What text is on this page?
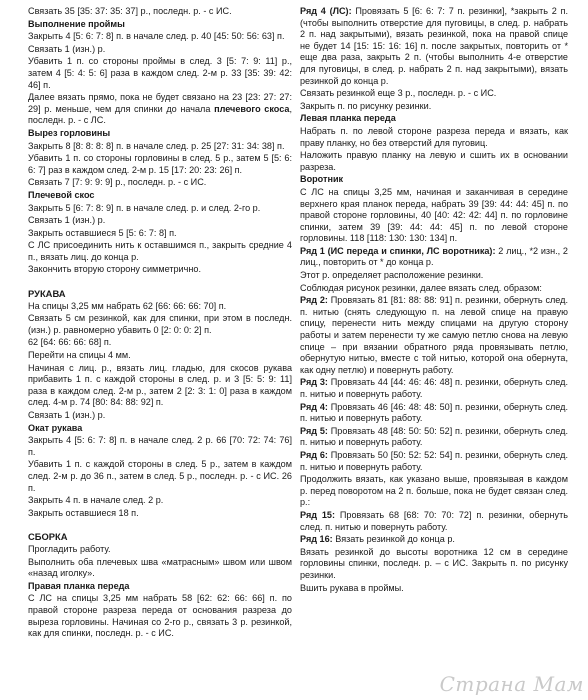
Связать 35 [35: 37: 35: 37] р., последн. р. - с ИС.

Выполнение проймы

Закрыть 4 [5: 6: 7: 8] п. в начале след. р. 40 [45: 50: 56: 63] п.

Связать 1 (изн.) р.

Убавить 1 п. со стороны проймы в след. 3 [5: 7: 9: 11] р., затем 4 [5: 4: 5: 6] раза в каждом след. 2-м р. 33 [35: 39: 42: 46] п.

Далее вязать прямо, пока не будет связано на 23 [23: 27: 27: 29] р. меньше, чем для спинки до начала плечевого скоса, последн. р. - с ЛС.

Вырез горловины

Закрыть 8 [8: 8: 8: 8] п. в начале след. р. 25 [27: 31: 34: 38] п.

Убавить 1 п. со стороны горловины в след. 5 р., затем 5 [5: 6: 6: 7] раз в каждом след. 2-м р. 15 [17: 20: 23: 26] п.

Связать 7 [7: 9: 9: 9] р., последн. р. - с ИС.

Плечевой скос

Закрыть 5 [6: 7: 8: 9] п. в начале след. р. и след. 2-го р.

Связать 1 (изн.) р.

Закрыть оставшиеся 5 [5: 6: 7: 8] п.

С ЛС присоединить нить к оставшимся п., закрыть средние 4 п., вязать лиц. до конца р.

Закончить вторую сторону симметрично.

РУКАВА

На спицы 3,25 мм набрать 62 [66: 66: 66: 70] п.

Связать 5 см резинкой, как для спинки, при этом в последн. (изн.) р. равномерно убавить 0 [2: 0: 0: 2] п.

62 [64: 66: 66: 68] п.

Перейти на спицы 4 мм.

Начиная с лиц. р., вязать лиц. гладью, для скосов рукава прибавить 1 п. с каждой стороны в след. р. и 3 [5: 5: 9: 11] раза в каждом след. 2-м р., затем 2 [2: 3: 1: 0] раза в каждом след. 4-м р. 74 [80: 84: 88: 92] п.

Связать 1 (изн.) р.

Окат рукава

Закрыть 4 [5: 6: 7: 8] п. в начале след. 2 р. 66 [70: 72: 74: 76] п.

Убавить 1 п. с каждой стороны в след. 5 р., затем в каждом след. 2-м р. до 36 п., затем в след. 5 р., последн. р. - с ИС. 26 п.

Закрыть 4 п. в начале след. 2 р.

Закрыть оставшиеся 18 п.

СБОРКА

Прогладить работу.

Выполнить оба плечевых шва «матрасным» швом или швом «назад иголку».

Правая планка переда

С ЛС на спицы 3,25 мм набрать 58 [62: 62: 66: 66] п. по правой стороне разреза переда от основания разреза до выреза горловины. Начиная со 2-го р., связать 3 р. резинкой, как для спинки, последн. р. - с ИС.

Ряд 4 (ЛС): Провязать 5 [6: 6: 7: 7 п. резинки], *закрыть 2 п. (чтобы выполнить отверстие для пуговицы, в след. р. набрать 2 п. над закрытыми), вязать резинкой, пока на правой спице не будет 14 [15: 15: 16: 16] п. после закрытых, повторить от * еще два раза, закрыть 2 п. (чтобы выполнить 4-е отверстие для пуговицы, в след. р. набрать 2 п. над закрытыми), вязать резинкой до конца р.

Связать резинкой еще 3 р., последн. р. - с ИС.

Закрыть п. по рисунку резинки.

Левая планка переда

Набрать п. по левой стороне разреза переда и вязать, как праву планку, но без отверстий для пуговиц.

Наложить правую планку на левую и сшить их в основании разреза.

Воротник

С ЛС на спицы 3,25 мм, начиная и заканчивая в середине верхнего края планок переда, набрать 39 [39: 44: 44: 45] п. по правой стороне горловины, 40 [40: 42: 42: 44] п. по горловине спинки, затем 39 [39: 44: 44: 45] п. по левой стороне горловины. 118 [118: 130: 130: 134] п.

Ряд 1 (ИС переда и спинки, ЛС воротника): 2 лиц., *2 изн., 2 лиц., повторить от * до конца р.

Этот р. определяет расположение резинки.

Соблюдая рисунок резинки, далее вязать след. образом:

Ряд 2: Провязать 81 [81: 88: 88: 91] п. резинки, обернуть след. п. нитью (снять следующую п. на левой спице на правую спицу, перенести нить между спицами на другую сторону работы и затем перенести ту же самую петлю снова на левую спице – при вязании обратного ряда провязывать петлю, обернутую нитью, вместе с той нитью, которой она обернута, как одну петлю) и повернуть работу.

Ряд 3: Провязать 44 [44: 46: 46: 48] п. резинки, обернуть след. п. нитью и повернуть работу.

Ряд 4: Провязать 46 [46: 48: 48: 50] п. резинки, обернуть след. п. нитью и повернуть работу.

Ряд 5: Провязать 48 [48: 50: 50: 52] п. резинки, обернуть след. п. нитью и повернуть работу.

Ряд 6: Провязать 50 [50: 52: 52: 54] п. резинки, обернуть след. п. нитью и повернуть работу.

Продолжить вязать, как указано выше, провязывая в каждом р. перед поворотом на 2 п. больше, пока не будет связан след. р.:

Ряд 15: Провязать 68 [68: 70: 70: 72] п. резинки, обернуть след. п. нитью и повернуть работу.

Ряд 16: Вязать резинкой до конца р.

Вязать резинкой до высоты воротника 12 см в середине горловины спинки, последн. р. – с ИС. Закрыть п. по рисунку резинки.

Вшить рукава в проймы.

Страна Мам
